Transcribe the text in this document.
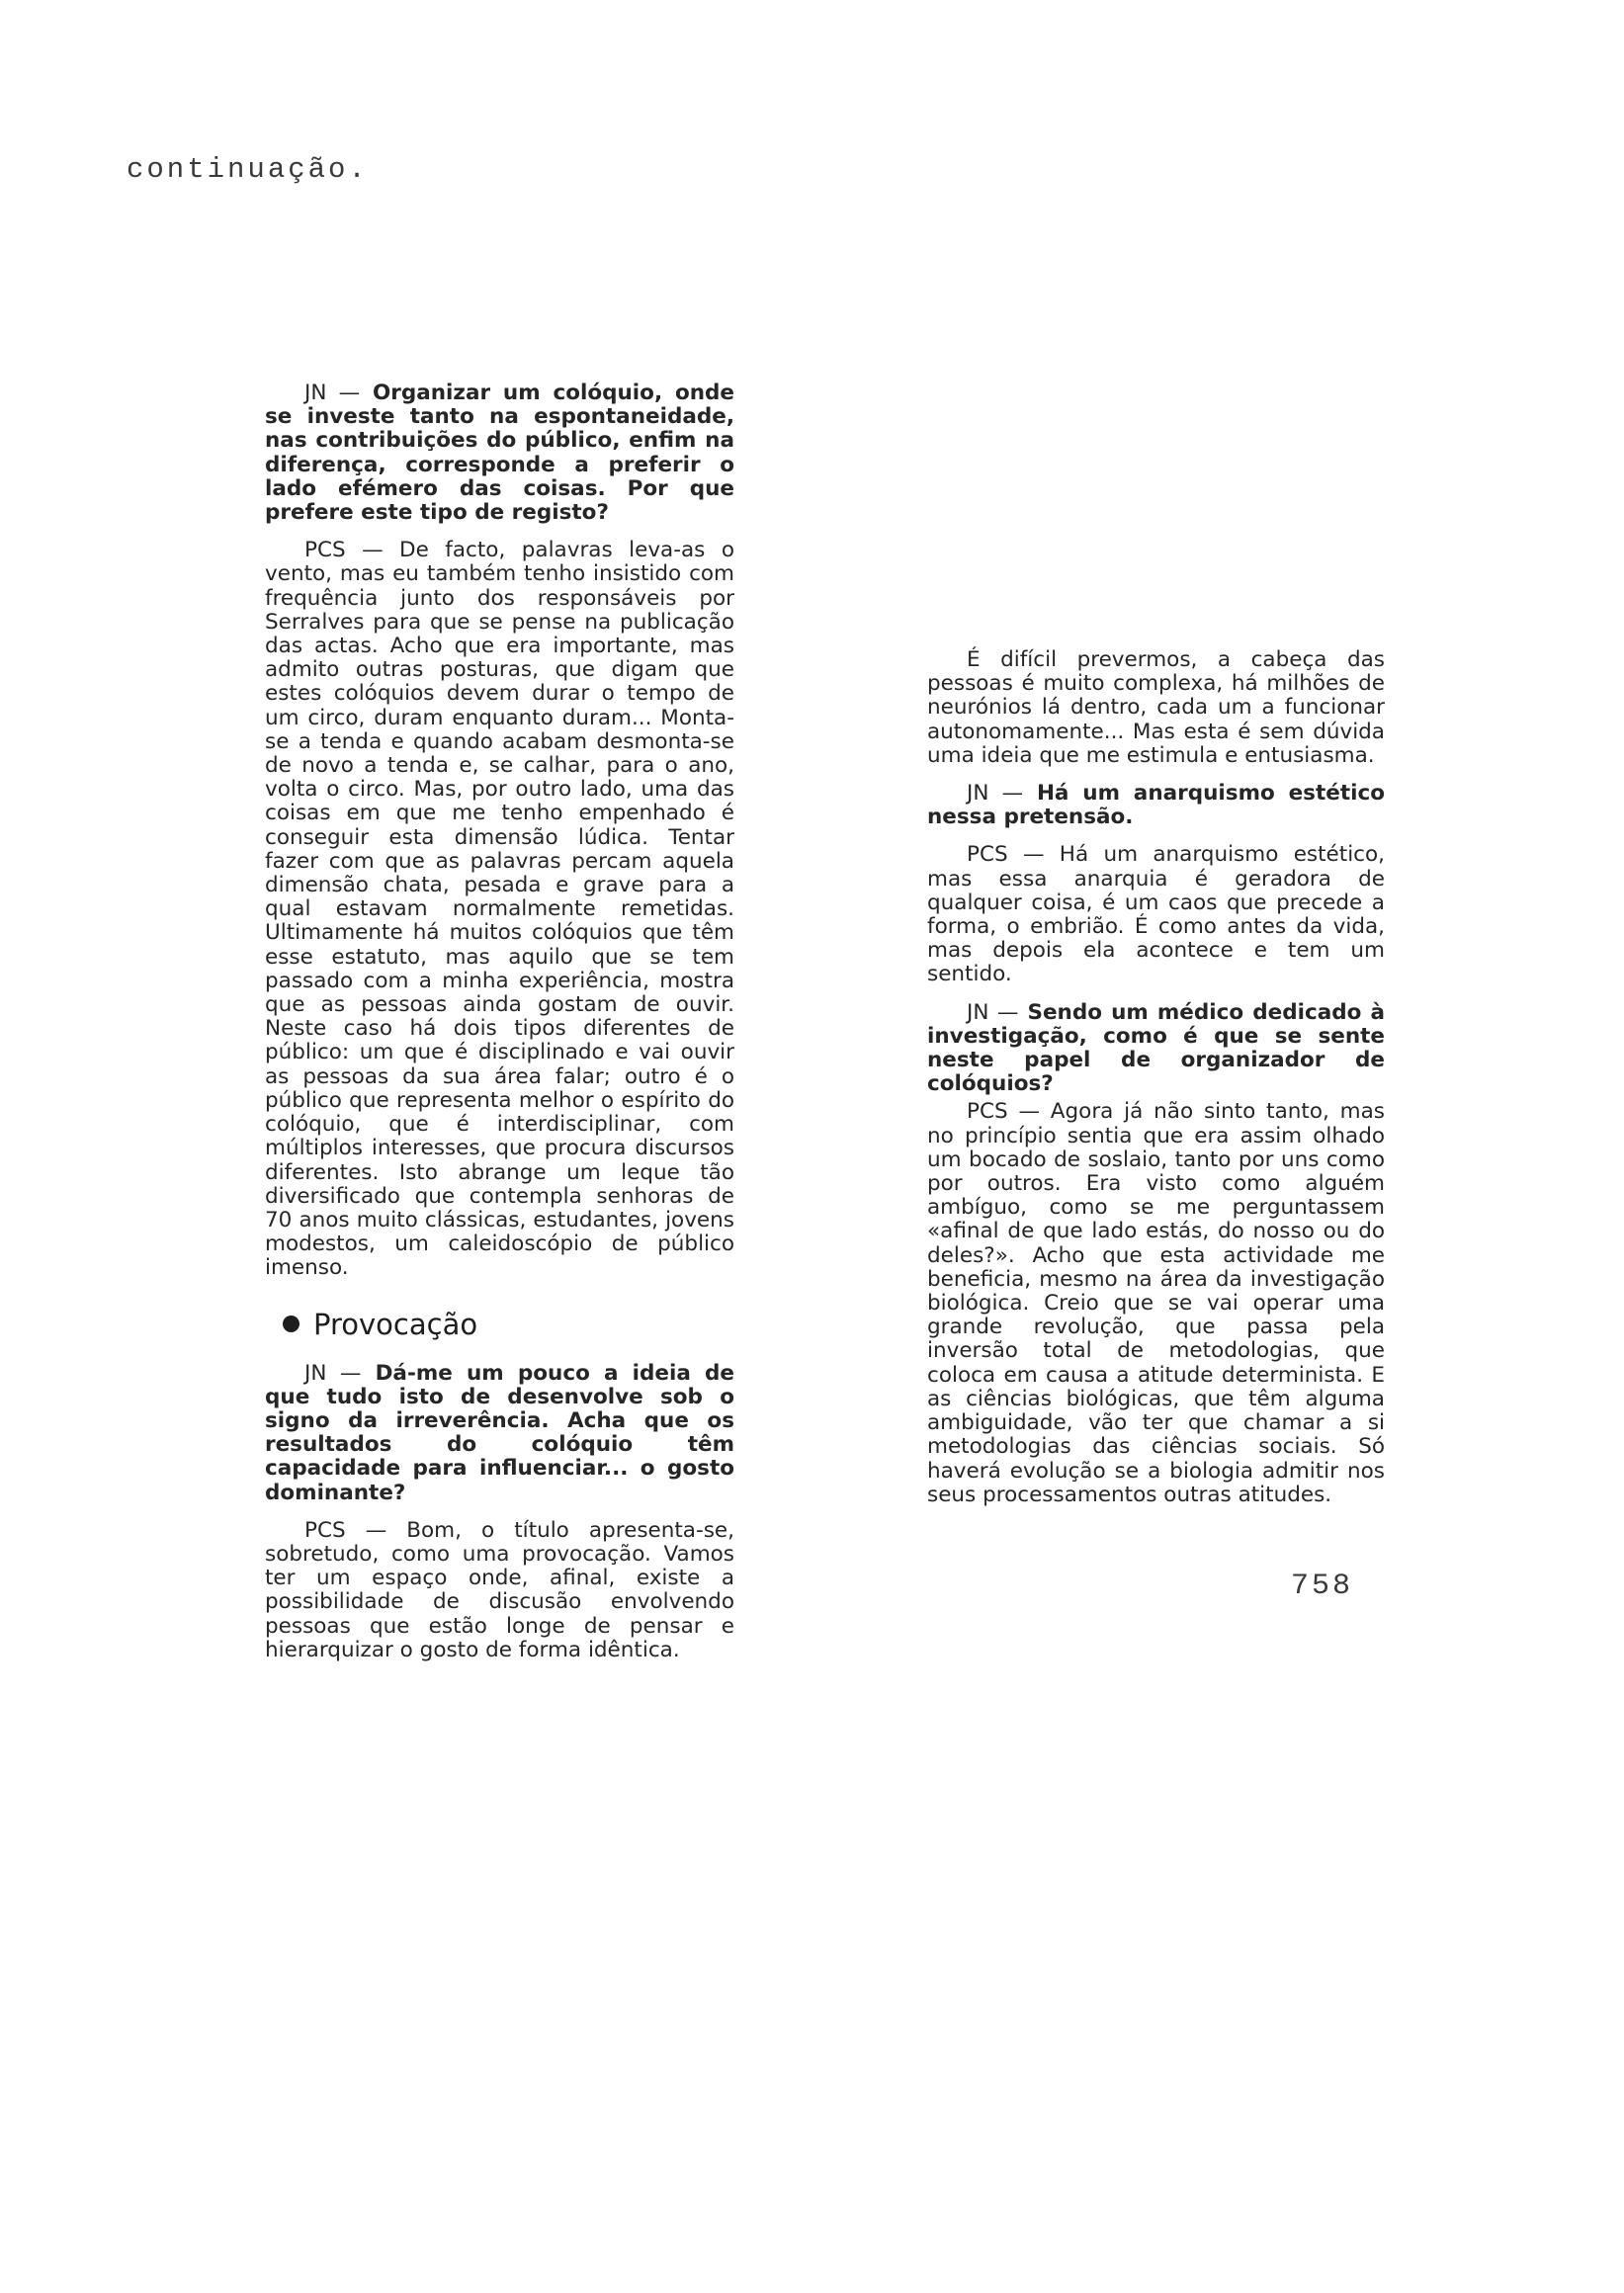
continuação.

JN — Organizar um colóquio, onde se investe tanto na espontaneidade, nas contribuições do público, enfim na diferença, corresponde a preferir o lado efémero das coisas. Por que prefere este tipo de registo?

PCS — De facto, palavras leva-as o vento, mas eu também tenho insistido com frequência junto dos responsáveis por Serralves para que se pense na publicação das actas. Acho que era importante, mas admito outras posturas, que digam que estes colóquios devem durar o tempo de um circo, duram enquanto duram... Monta-se a tenda e quando acabam desmonta-se de novo a tenda e, se calhar, para o ano, volta o circo. Mas, por outro lado, uma das coisas em que me tenho empenhado é conseguir esta dimensão lúdica. Tentar fazer com que as palavras percam aquela dimensão chata, pesada e grave para a qual estavam normalmente remetidas. Ultimamente há muitos colóquios que têm esse estatuto, mas aquilo que se tem passado com a minha experiência, mostra que as pessoas ainda gostam de ouvir. Neste caso há dois tipos diferentes de público: um que é disciplinado e vai ouvir as pessoas da sua área falar; outro é o público que representa melhor o espírito do colóquio, que é interdisciplinar, com múltiplos interesses, que procura discursos diferentes. Isto abrange um leque tão diversificado que contempla senhoras de 70 anos muito clássicas, estudantes, jovens modestos, um caleidoscópio de público imenso.

Provocação

JN — Dá-me um pouco a ideia de que tudo isto de desenvolve sob o signo da irreverência. Acha que os resultados do colóquio têm capacidade para influenciar... o gosto dominante?

PCS — Bom, o título apresenta-se, sobretudo, como uma provocação. Vamos ter um espaço onde, afinal, existe a possibilidade de discusão envolvendo pessoas que estão longe de pensar e hierarquizar o gosto de forma idêntica.

É difícil prevermos, a cabeça das pessoas é muito complexa, há milhões de neurónios lá dentro, cada um a funcionar autonomamente... Mas esta é sem dúvida uma ideia que me estimula e entusiasma.

JN — Há um anarquismo estético nessa pretensão.

PCS — Há um anarquismo estético, mas essa anarquia é geradora de qualquer coisa, é um caos que precede a forma, o embrião. É como antes da vida, mas depois ela acontece e tem um sentido.

JN — Sendo um médico dedicado à investigação, como é que se sente neste papel de organizador de colóquios?

PCS — Agora já não sinto tanto, mas no princípio sentia que era assim olhado um bocado de soslaio, tanto por uns como por outros. Era visto como alguém ambíguo, como se me perguntassem «afinal de que lado estás, do nosso ou do deles?». Acho que esta actividade me beneficia, mesmo na área da investigação biológica. Creio que se vai operar uma grande revolução, que passa pela inversão total de metodologias, que coloca em causa a atitude determinista. E as ciências biológicas, que têm alguma ambiguidade, vão ter que chamar a si metodologias das ciências sociais. Só haverá evolução se a biologia admitir nos seus processamentos outras atitudes.

758
